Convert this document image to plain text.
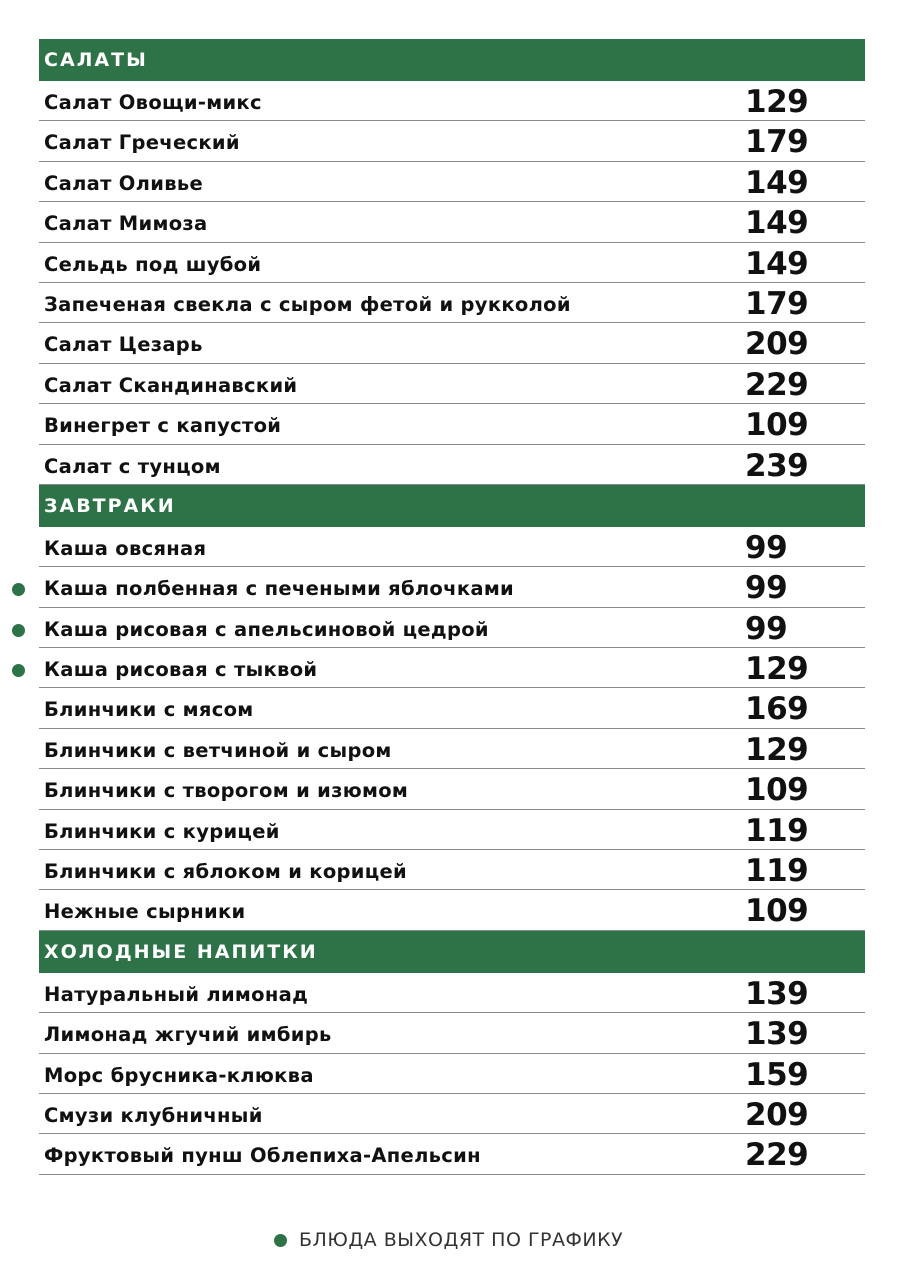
САЛАТЫ
Салат Овощи-микс	129
Салат Греческий	179
Салат Оливье	149
Салат Мимоза	149
Сельдь под шубой	149
Запеченая свекла с сыром фетой и рукколой	179
Салат Цезарь	209
Салат Скандинавский	229
Винегрет с капустой	109
Салат с тунцом	239
ЗАВТРАКИ
Каша овсяная	99
Каша полбенная с печеными яблочками	99
Каша рисовая с апельсиновой цедрой	99
Каша рисовая с тыквой	129
Блинчики с мясом	169
Блинчики с ветчиной и сыром	129
Блинчики с творогом и изюмом	109
Блинчики с курицей	119
Блинчики с яблоком и корицей	119
Нежные сырники	109
ХОЛОДНЫЕ НАПИТКИ
Натуральный лимонад	139
Лимонад жгучий имбирь	139
Морс брусника-клюква	159
Смузи клубничный	209
Фруктовый пунш Облепиха-Апельсин	229
БЛЮДА ВЫХОДЯТ ПО ГРАФИКУ
